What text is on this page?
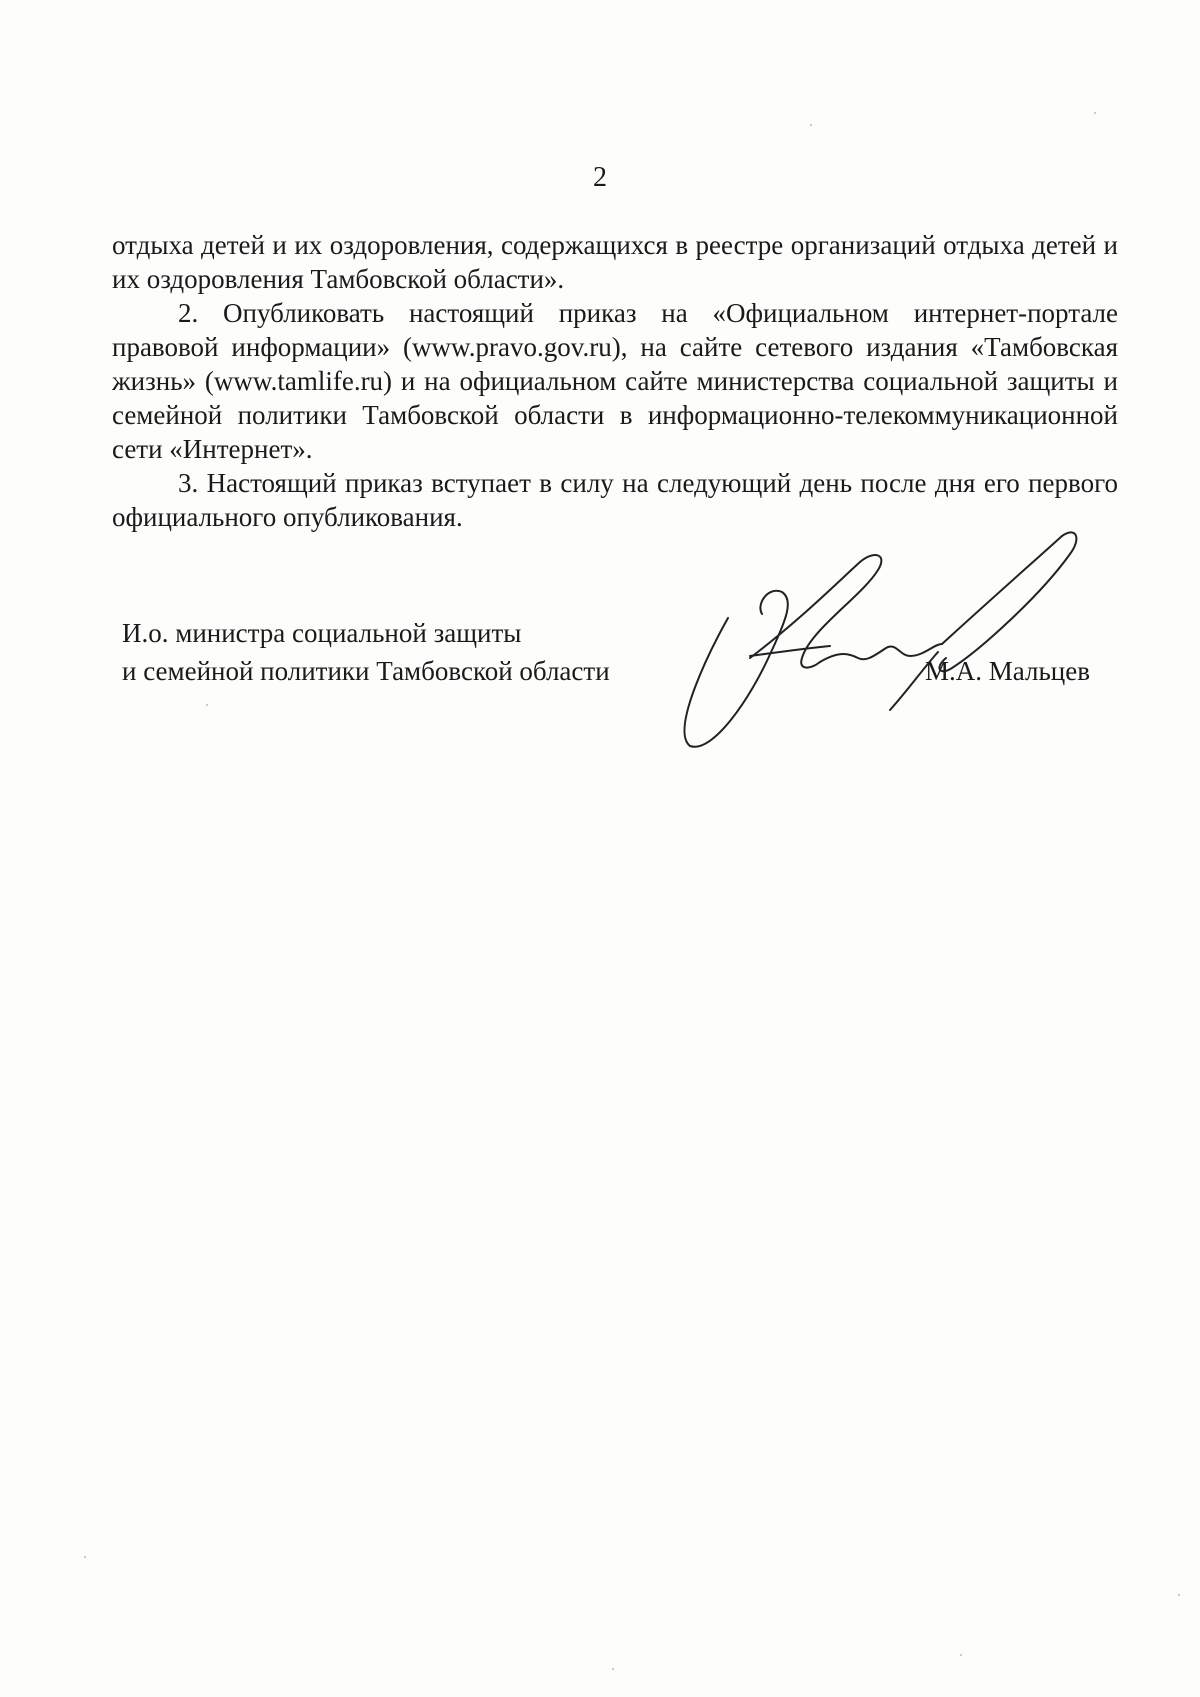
2

отдыха детей и их оздоровления, содержащихся в реестре организаций отдыха детей и их оздоровления Тамбовской области».

2. Опубликовать настоящий приказ на «Официальном интернет-портале правовой информации» (www.pravo.gov.ru), на сайте сетевого издания «Тамбовская жизнь» (www.tamlife.ru) и на официальном сайте министерства социальной защиты и семейной политики Тамбовской области в информационно-телекоммуникационной сети «Интернет».

3. Настоящий приказ вступает в силу на следующий день после дня его первого официального опубликования.

И.о. министра социальной защиты
и семейной политики Тамбовской области	М.А. Мальцев
